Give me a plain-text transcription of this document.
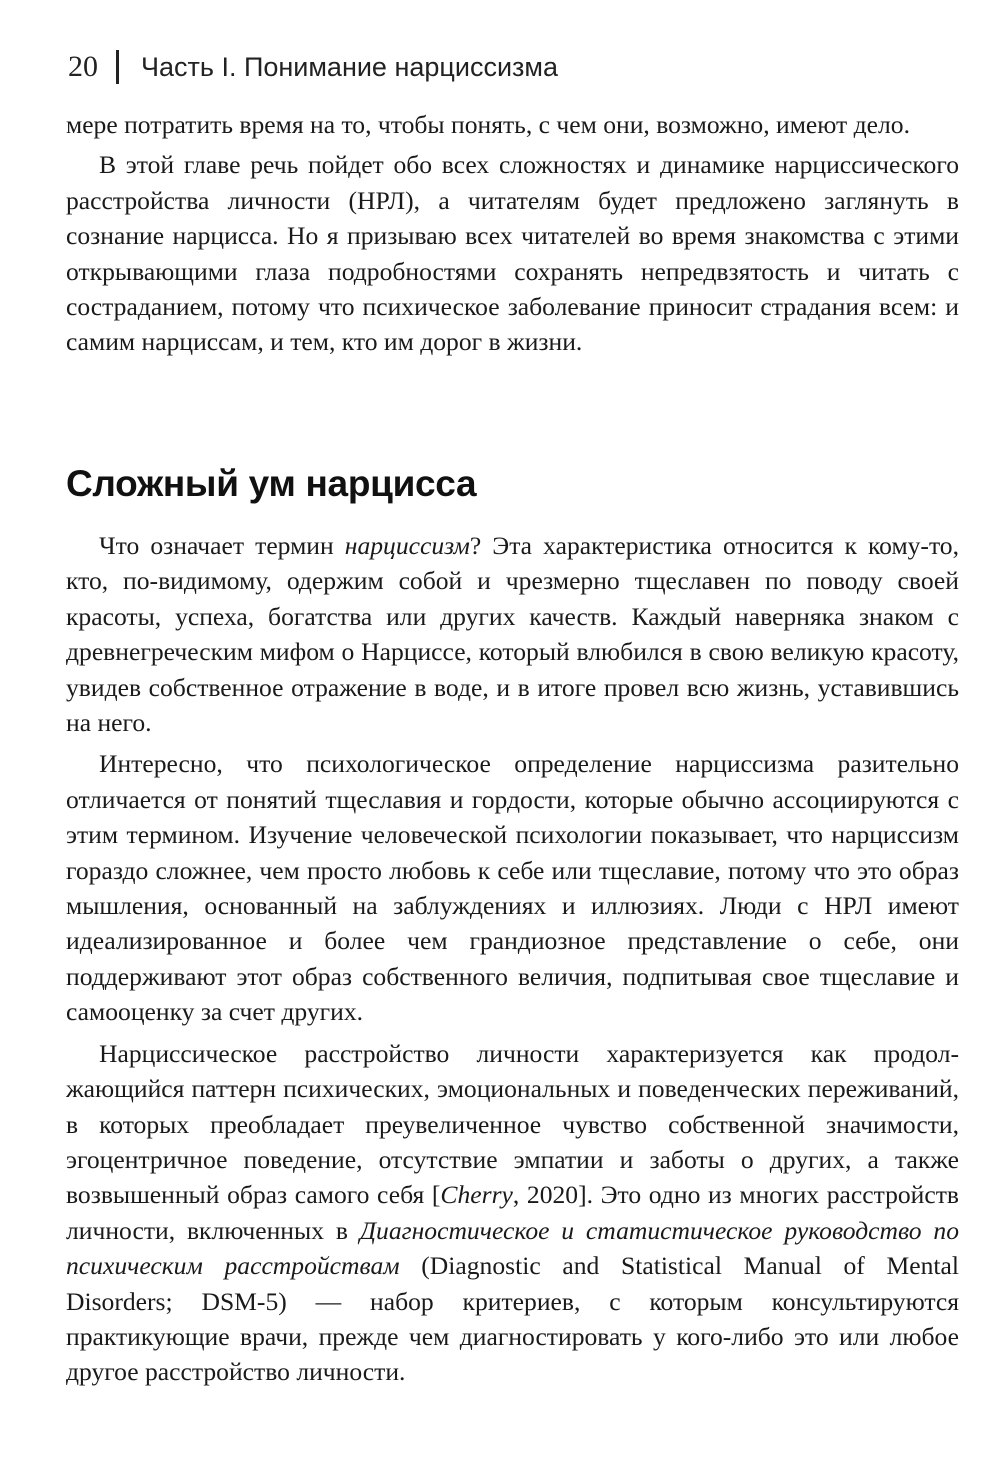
20 Часть I. Понимание нарциссизма

мере потратить время на то, чтобы понять, с чем они, возможно, имеют дело.

В этой главе речь пойдет обо всех сложностях и динамике нарциссического расстройства личности (НРЛ), а читателям будет предложено заглянуть в сознание нарцисса. Но я призываю всех читателей во время знакомства с этими открывающими глаза подробностями сохранять непредвзятость и читать с состраданием, потому что психическое заболевание приносит страдания всем: и самим нарциссам, и тем, кто им дорог в жизни.

Сложный ум нарцисса

Что означает термин нарциссизм? Эта характеристика относится к кому-то, кто, по-видимому, одержим собой и чрезмерно тщеславен по поводу своей красоты, успеха, богатства или других качеств. Каждый наверняка знаком с древнегреческим мифом о Нарциссе, который влюбился в свою великую красоту, увидев собственное отражение в воде, и в итоге провел всю жизнь, уставившись на него.

Интересно, что психологическое определение нарциссизма разительно отличается от понятий тщеславия и гордости, которые обычно ассоциируются с этим термином. Изучение человеческой психологии показывает, что нарциссизм гораздо сложнее, чем просто любовь к себе или тщеславие, потому что это образ мышления, основанный на заблуждениях и иллюзиях. Люди с НРЛ имеют идеализированное и более чем грандиозное представление о себе, они поддерживают этот образ собственного величия, подпитывая свое тщеславие и самооценку за счет других.

Нарциссическое расстройство личности характеризуется как продолжающийся паттерн психических, эмоциональных и поведенческих переживаний, в которых преобладает преувеличенное чувство собственной значимости, эгоцентричное поведение, отсутствие эмпатии и заботы о других, а также возвышенный образ самого себя [Cherry, 2020]. Это одно из многих расстройств личности, включенных в Диагностическое и статистическое руководство по психическим расстройствам (Diagnostic and Statistical Manual of Mental Disorders; DSM-5) — набор критериев, с которым консультируются практикующие врачи, прежде чем диагностировать у кого-либо это или любое другое расстройство личности.
